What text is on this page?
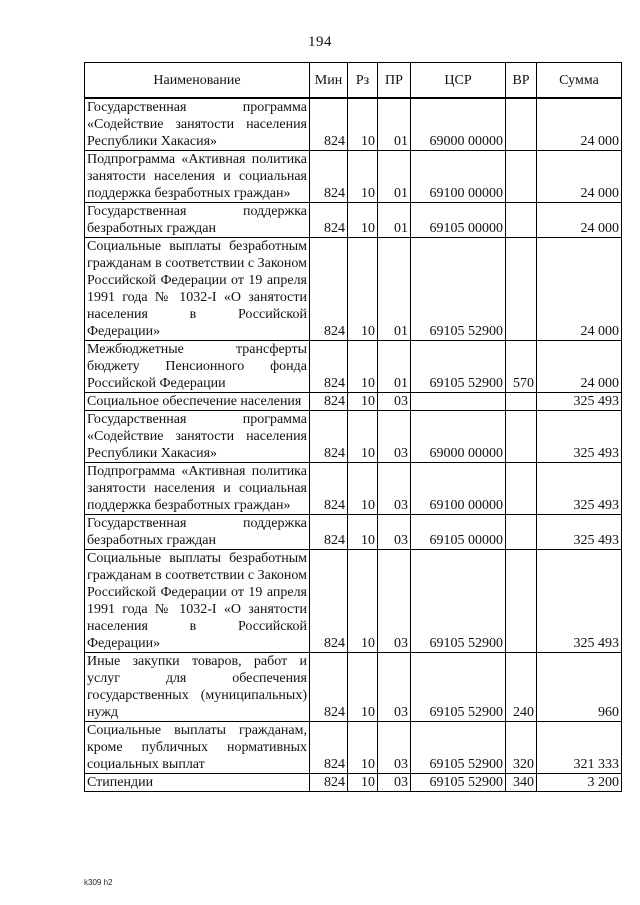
194
Наименование	Мин	Рз	ПР	ЦСР	ВР	Сумма
Государственная программа «Содействие занятости населения Республики Хакасия»	824	10	01	69000 00000		24 000
Подпрограмма «Активная политика занятости населения и социальная поддержка безработных граждан»	824	10	01	69100 00000		24 000
Государственная поддержка безработных граждан	824	10	01	69105 00000		24 000
Социальные выплаты безработным гражданам в соответствии с Законом Российской Федерации от 19 апреля 1991 года № 1032-I «О занятости населения в Российской Федерации»	824	10	01	69105 52900		24 000
Межбюджетные трансферты бюджету Пенсионного фонда Российской Федерации	824	10	01	69105 52900	570	24 000
Социальное обеспечение населения	824	10	03			325 493
Государственная программа «Содействие занятости населения Республики Хакасия»	824	10	03	69000 00000		325 493
Подпрограмма «Активная политика занятости населения и социальная поддержка безработных граждан»	824	10	03	69100 00000		325 493
Государственная поддержка безработных граждан	824	10	03	69105 00000		325 493
Социальные выплаты безработным гражданам в соответствии с Законом Российской Федерации от 19 апреля 1991 года № 1032-I «О занятости населения в Российской Федерации»	824	10	03	69105 52900		325 493
Иные закупки товаров, работ и услуг для обеспечения государственных (муниципальных) нужд	824	10	03	69105 52900	240	960
Социальные выплаты гражданам, кроме публичных нормативных социальных выплат	824	10	03	69105 52900	320	321 333
Стипендии	824	10	03	69105 52900	340	3 200
k309 h2
